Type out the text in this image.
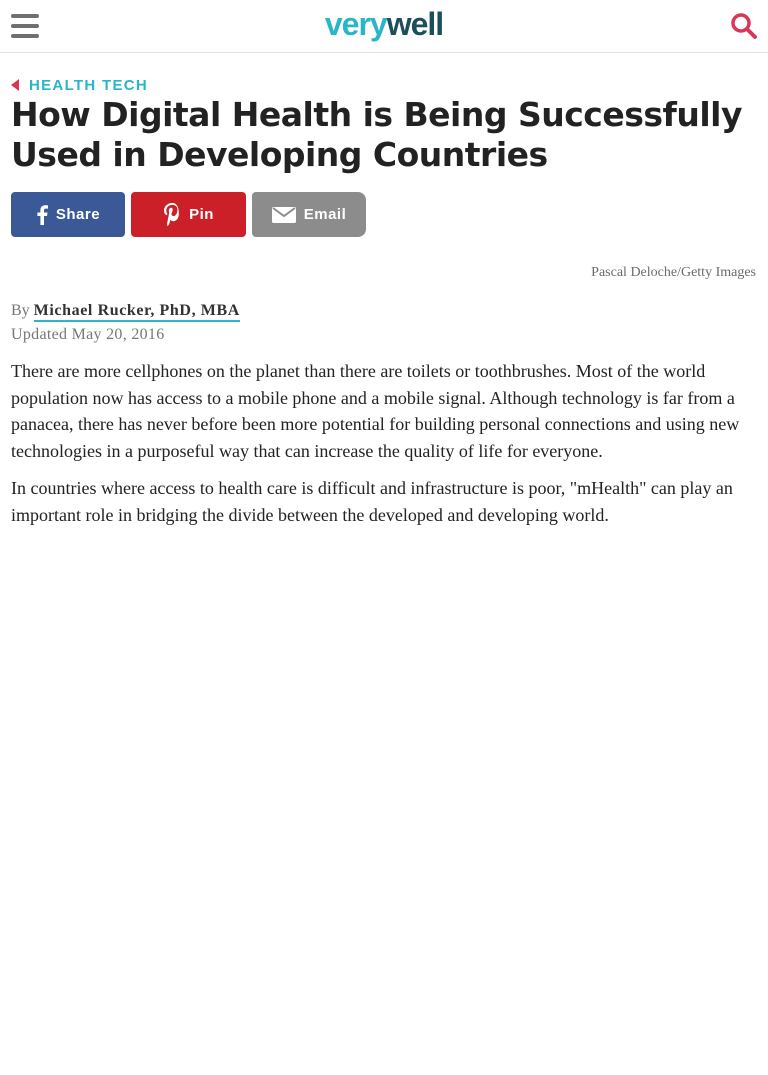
verywell
HEALTH TECH
How Digital Health is Being Successfully Used in Developing Countries
Share	Pin	Email
Pascal Deloche/Getty Images
By Michael Rucker, PhD, MBA
Updated May 20, 2016

There are more cellphones on the planet than there are toilets or toothbrushes. Most of the world population now has access to a mobile phone and a mobile signal. Although technology is far from a panacea, there has never before been more potential for building personal connections and using new technologies in a purposeful way that can increase the quality of life for everyone.

In countries where access to health care is difficult and infrastructure is poor, "mHealth" can play an important role in bridging the divide between the developed and developing world.
